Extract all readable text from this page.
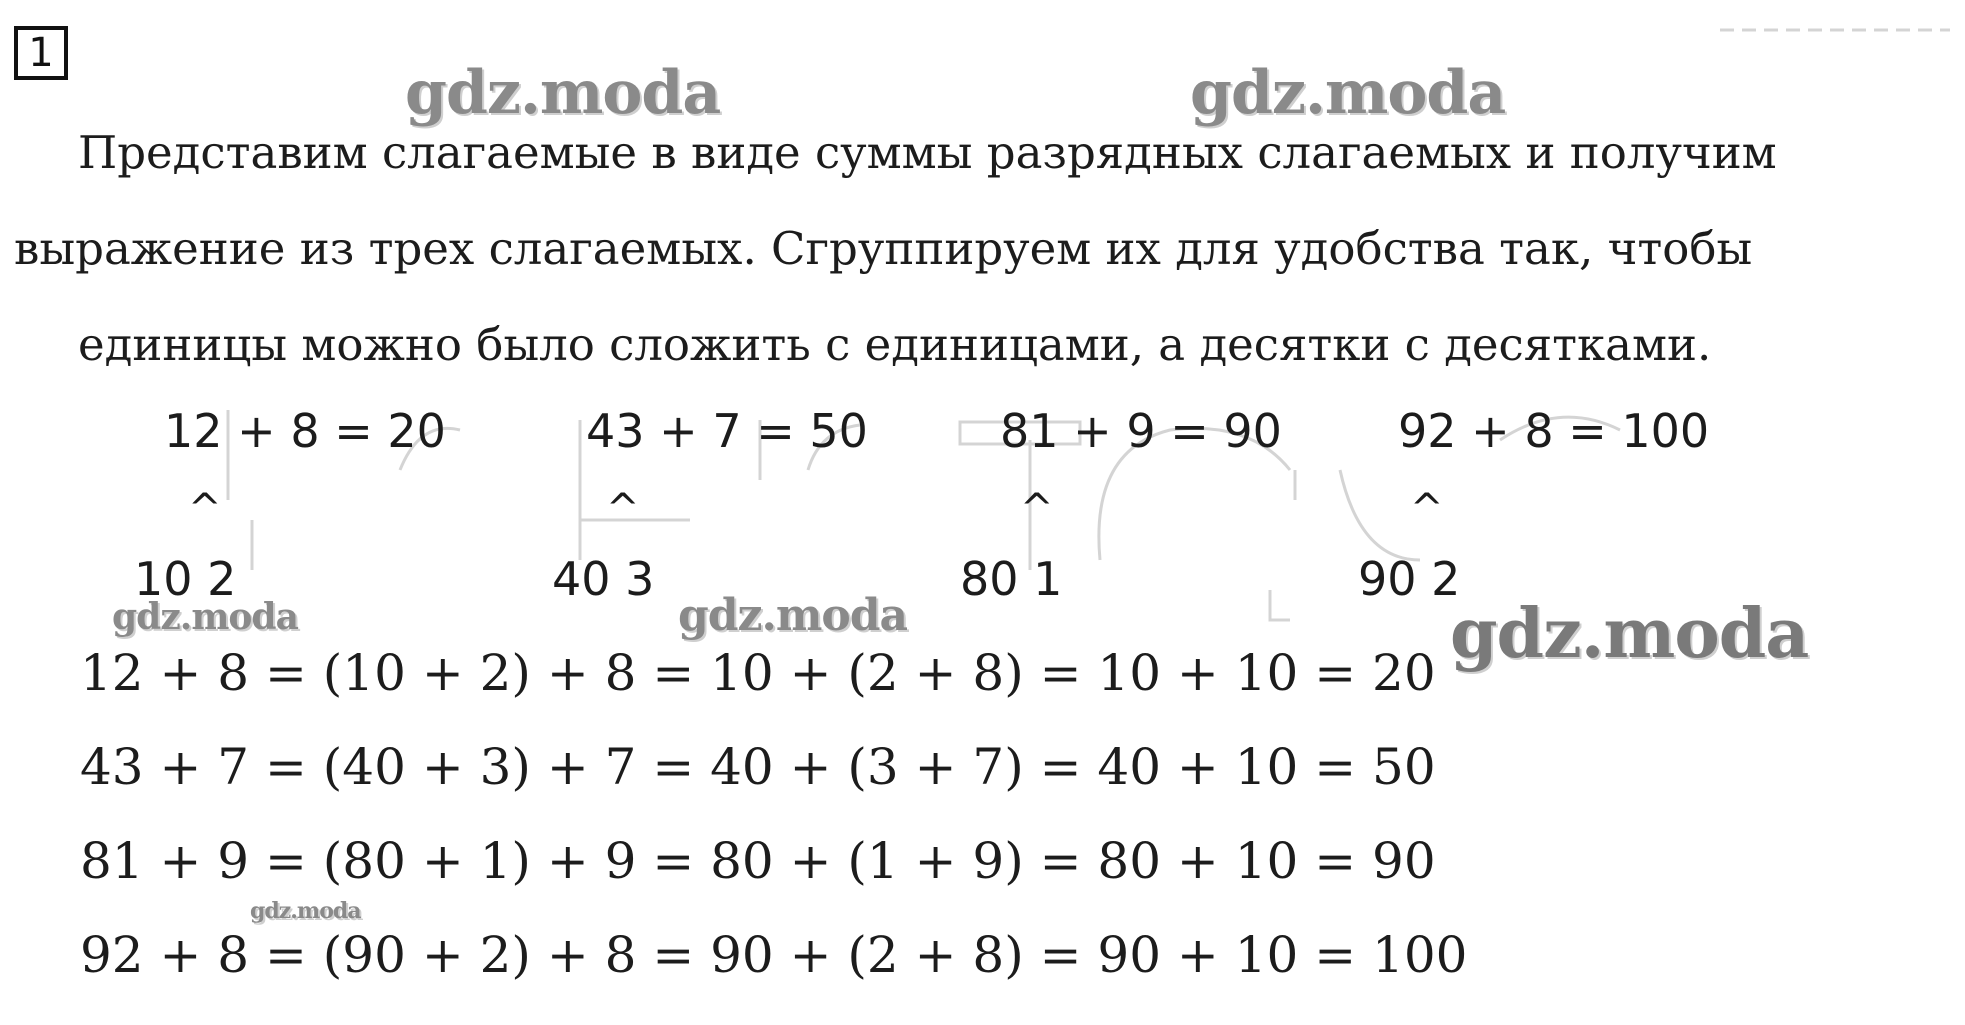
1
gdz.moda	gdz.moda
gdz.moda	gdz.moda	gdz.moda
gdz.moda
Представим слагаемые в виде суммы разрядных слагаемых и получим
выражение из трех слагаемых. Сгруппируем их для удобства так, чтобы
единицы можно было сложить с единицами, а десятки с десятками.
12 + 8 = 20	43 + 7 = 50	81 + 9 = 90	92 + 8 = 100
^	^	^	^
10 2	40 3	80 1	90 2
12 + 8 = (10 + 2) + 8 = 10 + (2 + 8) = 10 + 10 = 20
43 + 7 = (40 + 3) + 7 = 40 + (3 + 7) = 40 + 10 = 50
81 + 9 = (80 + 1) + 9 = 80 + (1 + 9) = 80 + 10 = 90
92 + 8 = (90 + 2) + 8 = 90 + (2 + 8) = 90 + 10 = 100
